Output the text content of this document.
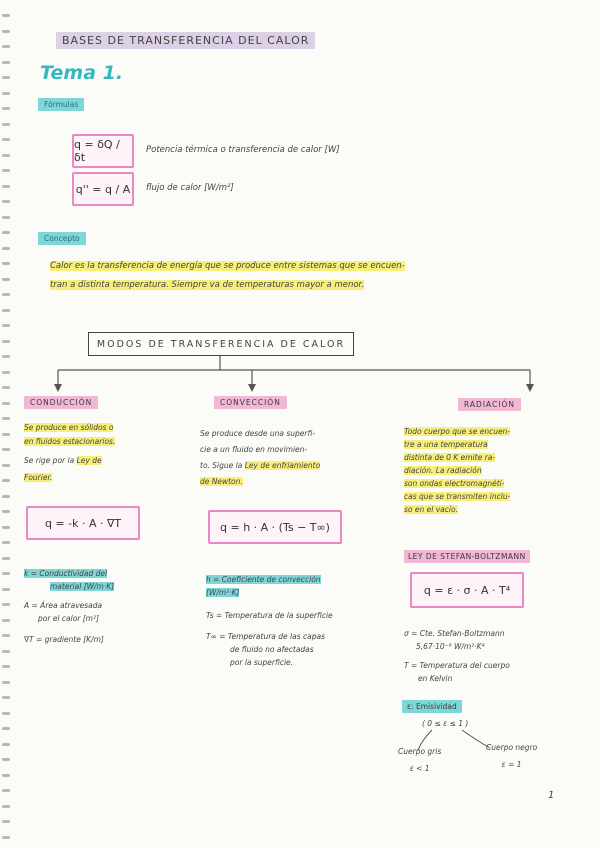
BASES DE TRANSFERENCIA DEL CALOR
Tema 1.
Fórmulas
q = δQ / δt
Potencia térmica o transferencia de calor [W]
q'' = q / A flujo de calor [W/m²]
Concepto
Calor es la transferencia de energía que se produce entre sistemas que se encuen-
tran a distinta temperatura. Siempre va de temperaturas mayor a menor.
MODOS DE TRANSFERENCIA DE CALOR
CONDUCCIÓN
Se produce en sólidos o
en fluidos estacionarios.
Se rige por la Ley de
Fourier.
q = -k · A · ∇T
k = Conductividad del
material [W/m·K]
A = Área atravesada
por el calor [m²]
∇T = gradiente [K/m]
CONVECCIÓN
Se produce desde una superfi-
cie a un fluido en movimien-
to. Sigue la Ley de enfriamiento
de Newton.
q = h · A · (Ts − T∞)
h = Coeficiente de convección
[W/m²·K]
Ts = Temperatura de la superficie
T∞ = Temperatura de las capas
de fluido no afectadas
por la superficie.
RADIACIÓN
Todo cuerpo que se encuen-
tre a una temperatura
distinta de 0 K emite ra-
diación. La radiación
son ondas electromagnéti-
cas que se transmiten inclu-
so en el vacío.
LEY DE STEFAN-BOLTZMANN
q = ε · σ · A · T⁴
σ = Cte. Stefan-Boltzmann
5,67·10⁻⁸ W/m²·K⁴
T = Temperatura del cuerpo
en Kelvin
ε: Emisividad
( 0 ≤ ε ≤ 1 )
Cuerpo gris
ε < 1
Cuerpo negro
ε = 1
1
